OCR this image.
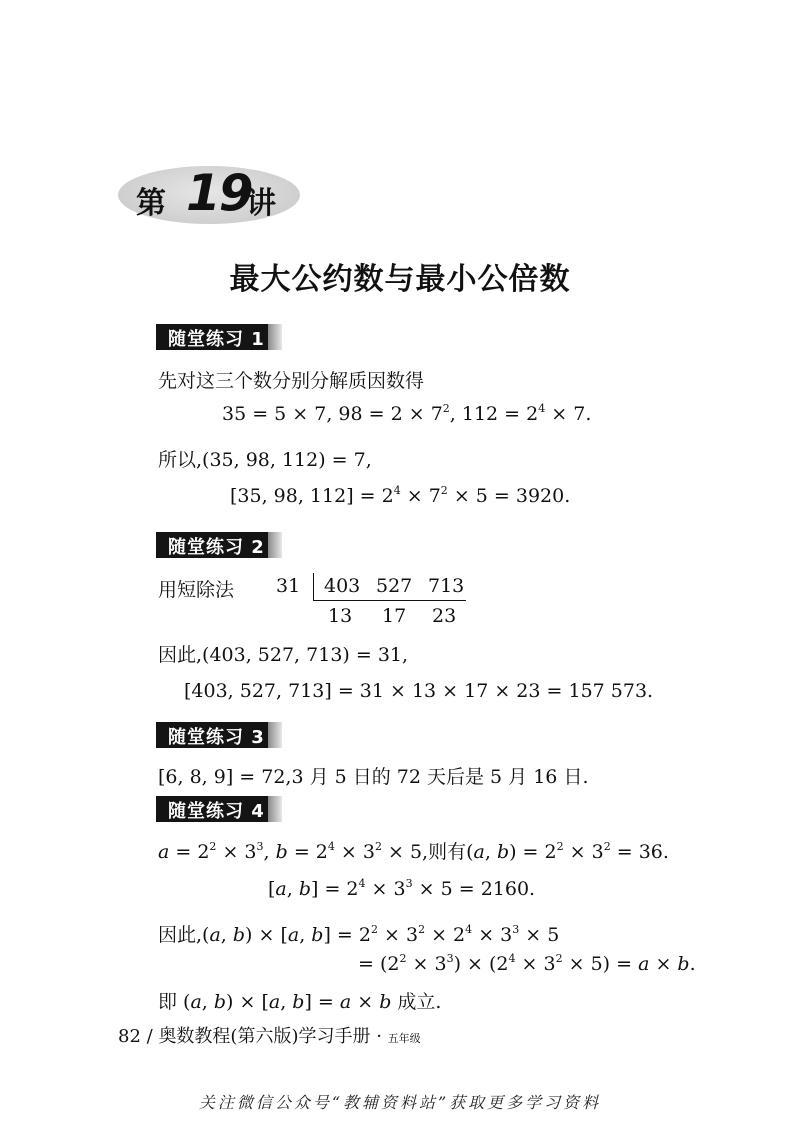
第 19
讲
最大公约数与最小公倍数
随堂练习 1
先对这三个数分别分解质因数得
35 = 5 × 7, $98 = 2 \times 7^2$, $112 = 2^4 \times 7$.
所以,(35, 98, 112) = 7,
[35, 98, $112] = 2^4 \times 7^2 \times 5 = 3920$.
随堂练习 2
用短除法 31 403 527 713
13 17 23
因此,(403, 527, 713) = 31,
[403, 527, 713] = 31 × 13 × 17 × 23 = 157 573.
随堂练习 3
[6, 8, 9] = 72,3 月 5 日的 72 天后是 5 月 16 日.
随堂练习 4
$a = 2^2 \times 3^3$, $b = 2^4 \times 3^2 \times 5$,则有(a, $b) = 2^2 \times 3^2 = 36$.
[a, $b] = 2^4 \times 3^3 \times 5 = 2160$.
因此,(a, b) × [a, $b] = 2^2 \times 3^2 \times 2^4 \times 3^3 \times 5$
= $(2^2 \times 3^3) \times (2^4 \times 3^2 \times 5) = a \times b$.
即 (a, b) × [a, b] = a × b 成立.
82 / 奥数教程(第六版)学习手册 · 五年级
关注微信公众号“教辅资料站”获取更多学习资料
